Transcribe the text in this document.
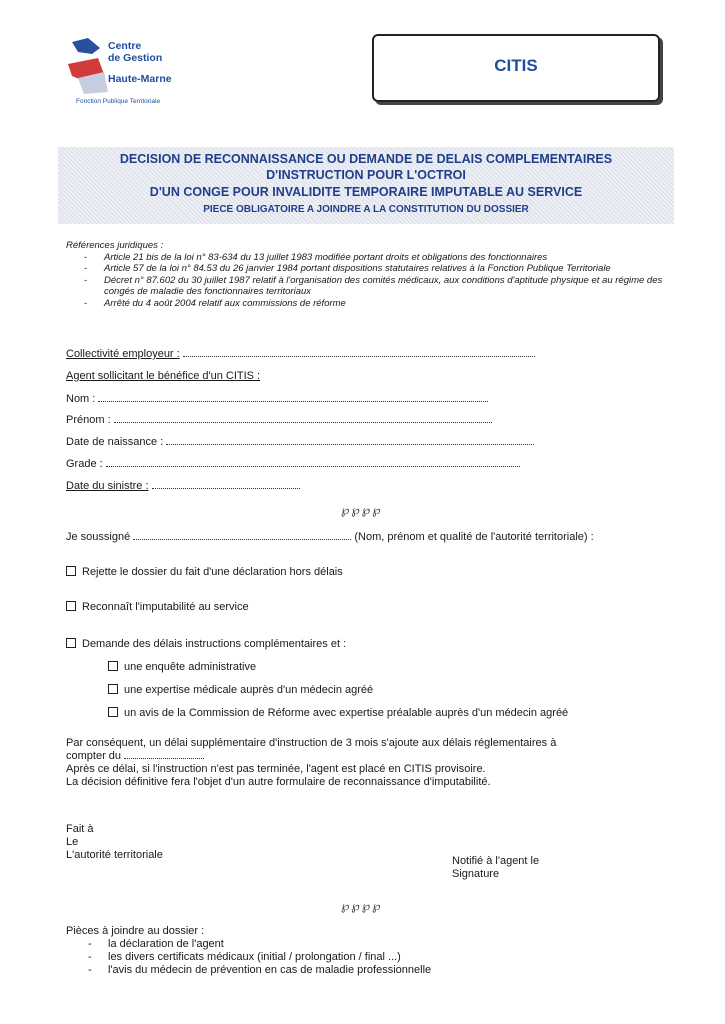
Centre
de Gestion
Haute-Marne
Fonction Publique Territoriale
CITIS
DECISION DE RECONNAISSANCE OU DEMANDE DE DELAIS COMPLEMENTAIRES
D'INSTRUCTION POUR L'OCTROI
D'UN CONGE POUR INVALIDITE TEMPORAIRE IMPUTABLE AU SERVICE
PIECE OBLIGATOIRE A JOINDRE A LA CONSTITUTION DU DOSSIER
Références juridiques :
- Article 21 bis de la loi n° 83-634 du 13 juillet 1983 modifiée portant droits et obligations des fonctionnaires
- Article 57 de la loi n° 84.53 du 26 janvier 1984 portant dispositions statutaires relatives à la Fonction Publique Territoriale
- Décret n° 87.602 du 30 juillet 1987 relatif à l'organisation des comités médicaux, aux conditions d'aptitude physique et au régime des congés de maladie des fonctionnaires territoriaux
- Arrêté du 4 août 2004 relatif aux commissions de réforme
Collectivité employeur :
Agent sollicitant le bénéfice d'un CITIS :
Nom :
Prénom :
Date de naissance :
Grade :
Date du sinistre :
℘℘℘℘
Je soussigné	(Nom, prénom et qualité de l'autorité territoriale) :
Rejette le dossier du fait d'une déclaration hors délais
Reconnaît l'imputabilité au service
Demande des délais instructions complémentaires et :
une enquête administrative
une expertise médicale auprès d'un médecin agréé
un avis de la Commission de Réforme avec expertise préalable auprès d'un médecin agréé
Par conséquent, un délai supplémentaire d'instruction de 3 mois s'ajoute aux délais réglementaires à
compter du
Après ce délai, si l'instruction n'est pas terminée, l'agent est placé en CITIS provisoire.
La décision définitive fera l'objet d'un autre formulaire de reconnaissance d'imputabilité.
Fait à
Le
L'autorité territoriale	Notifié à l'agent le
Signature
℘℘℘℘
Pièces à joindre au dossier :
- la déclaration de l'agent
- les divers certificats médicaux (initial / prolongation / final ...)
- l'avis du médecin de prévention en cas de maladie professionnelle
